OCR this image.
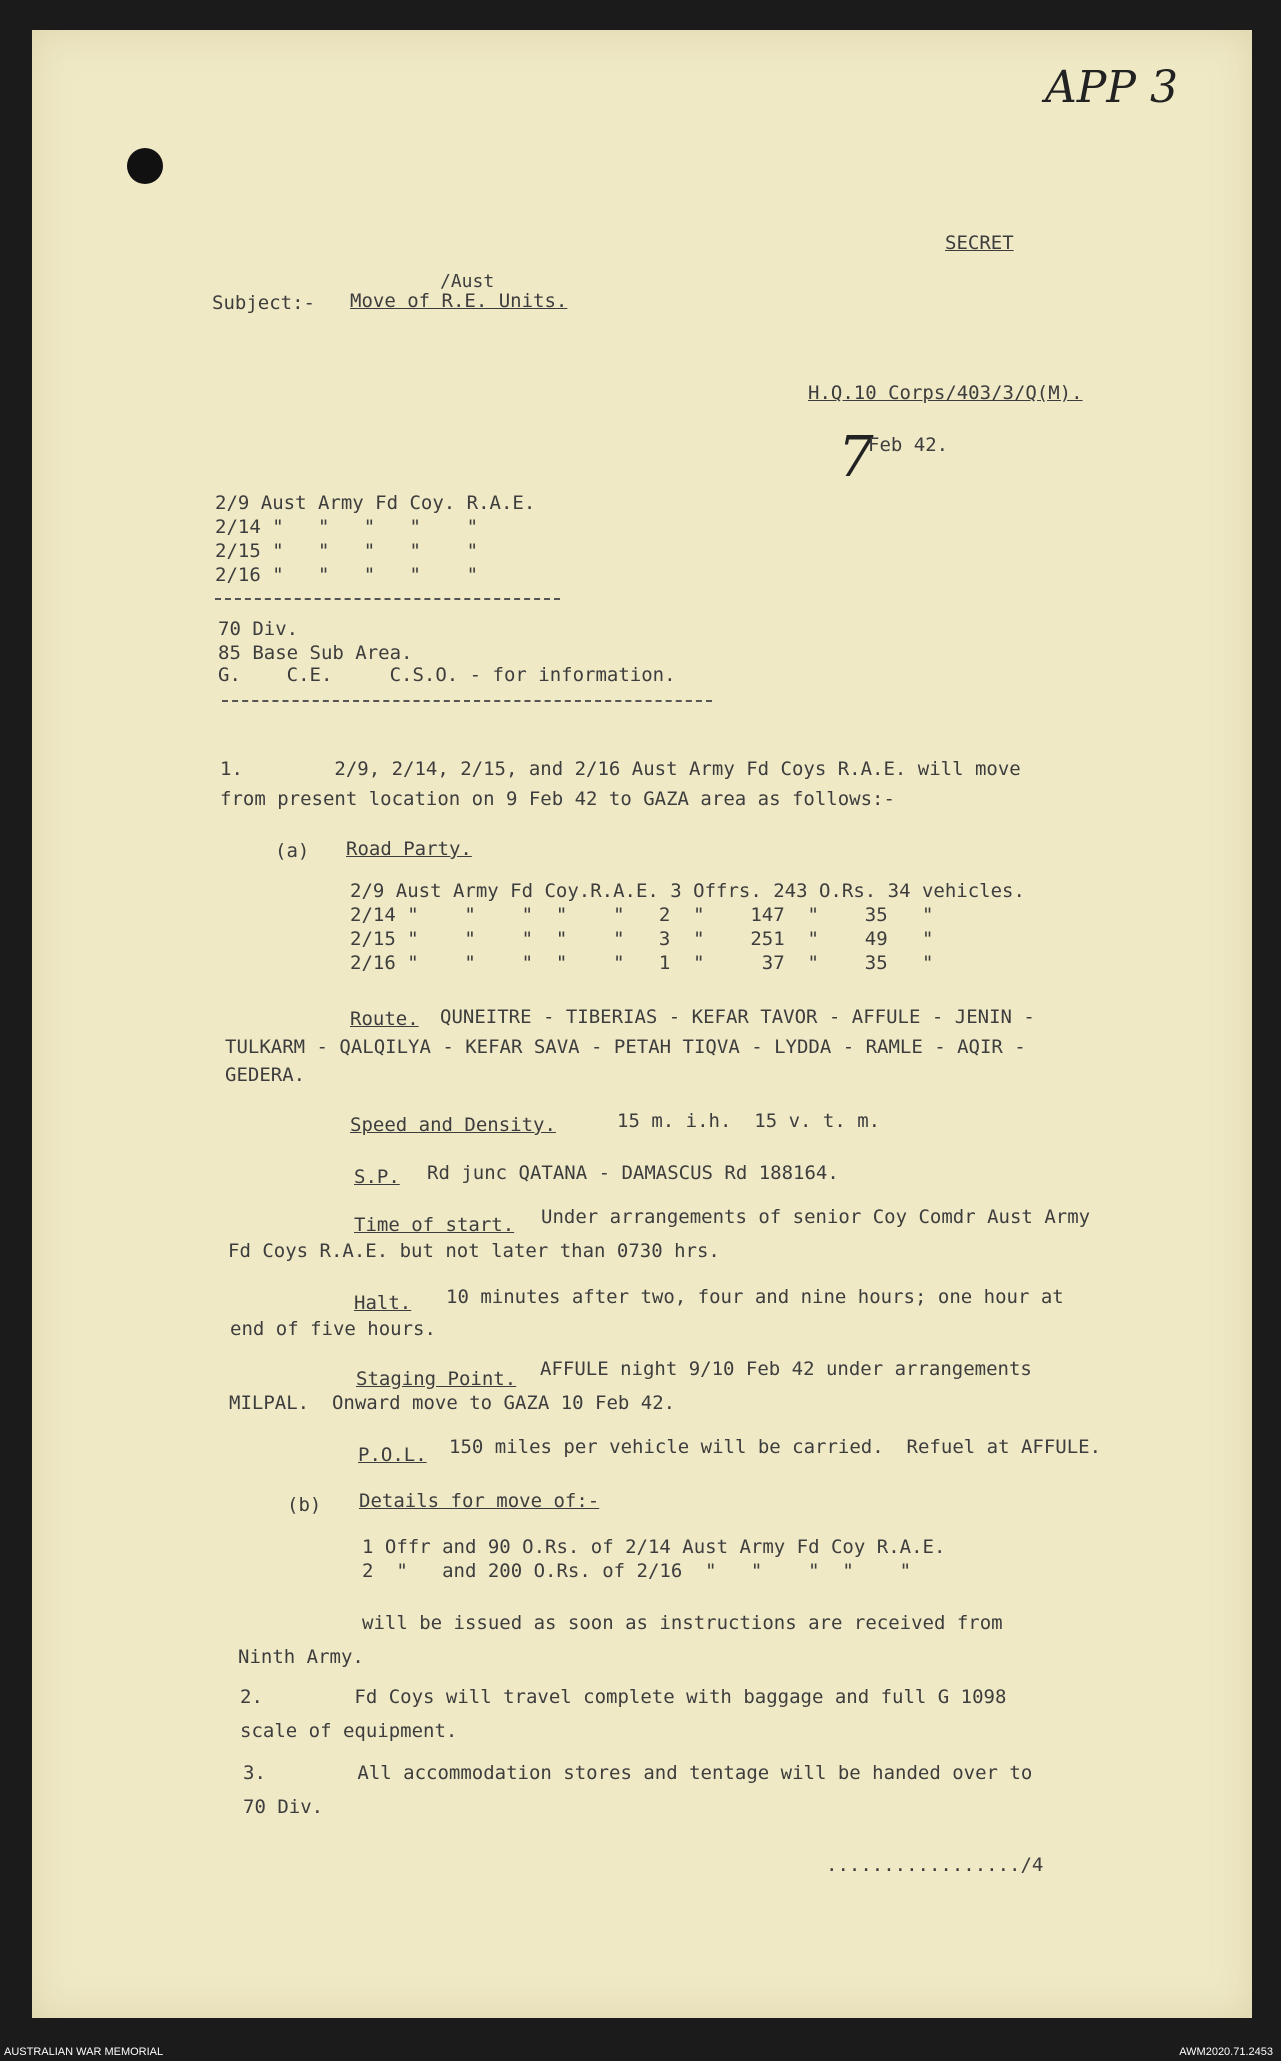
APP 3
SECRET
/Aust
Subject:- Move of R.E. Units.
H.Q.10 Corps/403/3/Q(M).
7
Feb 42.
2/9 Aust Army Fd Coy. R.A.E.
2/14 "   "   "   "    "
2/15 "   "   "   "    "
2/16 "   "   "   "    "
70 Div.
85 Base Sub Area.
G.    C.E.     C.S.O. - for information.
1.        2/9, 2/14, 2/15, and 2/16 Aust Army Fd Coys R.A.E. will move
from present location on 9 Feb 42 to GAZA area as follows:-
(a) Road Party.
2/9 Aust Army Fd Coy.R.A.E. 3 Offrs. 243 O.Rs. 34 vehicles.
2/14 "    "    "  "    "   2  "    147  "    35   "
2/15 "    "    "  "    "   3  "    251  "    49   "
2/16 "    "    "  "    "   1  "     37  "    35   "
Route. QUNEITRE - TIBERIAS - KEFAR TAVOR - AFFULE - JENIN -
TULKARM - QALQILYA - KEFAR SAVA - PETAH TIQVA - LYDDA - RAMLE - AQIR -
GEDERA.
Speed and Density.	15 m. i.h.  15 v. t. m.
S.P. Rd junc QATANA - DAMASCUS Rd 188164.
Time of start. Under arrangements of senior Coy Comdr Aust Army
Fd Coys R.A.E. but not later than 0730 hrs.
Halt. 10 minutes after two, four and nine hours; one hour at
end of five hours.
Staging Point. AFFULE night 9/10 Feb 42 under arrangements
MILPAL.  Onward move to GAZA 10 Feb 42.
P.O.L. 150 miles per vehicle will be carried.  Refuel at AFFULE.
(b) Details for move of:-
1 Offr and 90 O.Rs. of 2/14 Aust Army Fd Coy R.A.E.
2  "   and 200 O.Rs. of 2/16  "   "    "  "    "
will be issued as soon as instructions are received from
Ninth Army.
2.        Fd Coys will travel complete with baggage and full G 1098
scale of equipment.
3.        All accommodation stores and tentage will be handed over to
70 Div.
................./4
AUSTRALIAN WAR MEMORIAL	AWM2020.71.2453
